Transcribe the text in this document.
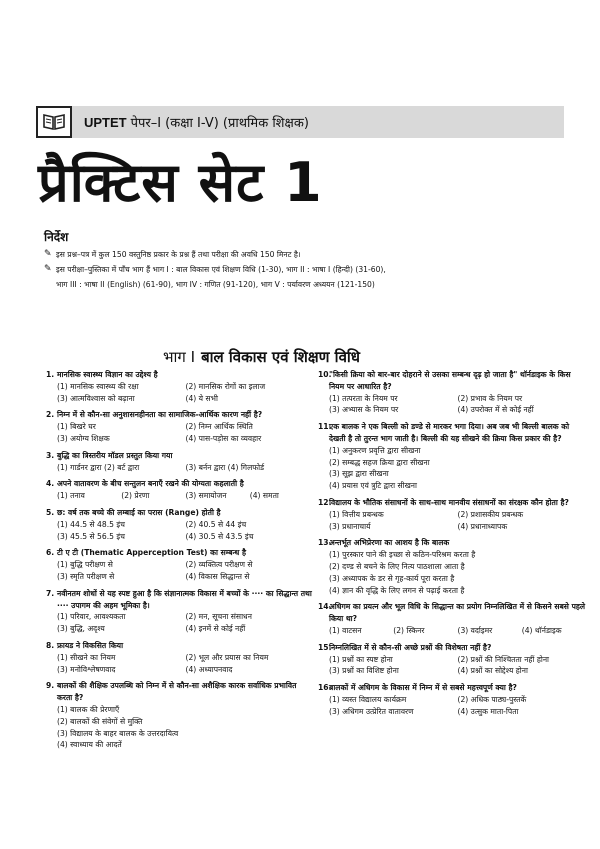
UPTET पेपर–I (कक्षा I-V) (प्राथमिक शिक्षक)
प्रैक्टिस सेट 1
निर्देश
✎ इस प्रश्न–पत्र में कुल 150 वस्तुनिष्ठ प्रकार के प्रश्न हैं तथा परीक्षा की अवधि 150 मिनट है।
✎ इस परीक्षा–पुस्तिका में पाँच भाग हैं भाग I : बाल विकास एवं शिक्षण विधि (1-30), भाग II : भाषा I (हिन्दी) (31-60),
भाग III : भाषा II (English) (61-90), भाग IV : गणित (91-120), भाग V : पर्यावरण अध्ययन (121-150)
भाग I बाल विकास एवं शिक्षण विधि
1. मानसिक स्वास्थ्य विज्ञान का उद्देश्य है
(1) मानसिक स्वास्थ्य की रक्षा	(2) मानसिक रोगों का इलाज
(3) आत्मविश्वास को बढ़ाना	(4) ये सभी
2. निम्न में से कौन-सा अनुशासनहीनता का सामाजिक-आर्थिक कारण नहीं है?
(1) बिखरे घर	(2) निम्न आर्थिक स्थिति
(3) अयोग्य शिक्षक	(4) पास-पड़ोस का व्यवहार
3. बुद्धि का त्रिस्तरीय मॉडल प्रस्तुत किया गया
(1) गार्डनर द्वारा (2) बर्ट द्वारा	(3) बर्नन द्वारा (4) गिलफोर्ड
4. अपने वातावरण के बीच सन्तुलन बनाएँ रखने की योग्यता कहलाती है
(1) तनाव	(2) प्रेरणा	(3) समायोजन	(4) समता
5. छ: वर्ष तक बच्चे की लम्बाई का परास (Range) होती है
(1) 44.5 से 48.5 इंच	(2) 40.5 से 44 इंच
(3) 45.5 से 56.5 इंच	(4) 30.5 से 43.5 इंच
6. टी ए टी (Thematic Apperception Test) का सम्बन्ध है
(1) बुद्धि परीक्षण से	(2) व्यक्तित्व परीक्षण से
(3) स्मृति परीक्षण से	(4) विकास सिद्धान्त से
7. नवीनतम शोधों से यह स्पष्ट हुआ है कि संज्ञानात्मक विकास में बच्चों के ···· का सिद्धान्त तथा ···· उपागम की अहम भूमिका है।
(1) परिवार, आवश्यकता	(2) मन, सूचना संसाधन
(3) बुद्धि, अदृश्य	(4) इनमें से कोई नहीं
8. फ्रायड ने विकसित किया
(1) सीखने का नियम	(2) भूल और प्रयास का नियम
(3) मनोविश्लेषणवाद	(4) अध्यापनवाद
9. बालकों की शैक्षिक उपलब्धि को निम्न में से कौन-सा अशैक्षिक कारक सर्वाधिक प्रभावित करता है?
(1) बालक की प्रेरणाएँ
(2) बालकों की संवेगों से मुक्ति
(3) विद्यालय के बाहर बालक के उत्तरदायित्व
(4) स्वाध्याय की आदतें
10.
"किसी क्रिया को बार-बार दोहराने से उसका सम्बन्ध दृढ़ हो जाता है" थॉर्नडाइक के किस नियम पर आधारित है?
(1) तत्परता के नियम पर	(2) प्रभाव के नियम पर
(3) अभ्यास के नियम पर	(4) उपरोक्त में से कोई नहीं
11.
एक बालक ने एक बिल्ली को डण्डे से मारकर भगा दिया। अब जब भी बिल्ली बालक को देखती है तो तुरन्त भाग जाती है। बिल्ली की यह सीखने की क्रिया किस प्रकार की है?
(1) अनुकरण प्रवृत्ति द्वारा सीखना
(2) सम्बद्ध सहज क्रिया द्वारा सीखना
(3) सूझ द्वारा सीखना
(4) प्रयास एवं त्रुटि द्वारा सीखना
12.
विद्यालय के भौतिक संसाधनों के साथ-साथ मानवीय संसाधनों का संरक्षक कौन होता है?
(1) वित्तीय प्रबन्धक	(2) प्रशासकीय प्रबन्धक
(3) प्रधानाचार्य	(4) प्रधानाध्यापक
13.
अन्तर्भूत अभिप्रेरणा का आशय है कि बालक
(1) पुरस्कार पाने की इच्छा से कठिन-परिश्रम करता है
(2) दण्ड से बचने के लिए नित्य पाठशाला आता है
(3) अध्यापक के डर से गृह-कार्य पूरा करता है
(4) ज्ञान की वृद्धि के लिए लगन से पढ़ाई करता है
14.
अधिगम का प्रयत्न और भूल विधि के सिद्धान्त का प्रयोग निम्नलिखित में से किसने सबसे पहले किया था?
(1) वाटसन	(2) स्किनर	(3) वर्दाइमर	(4) थॉर्नडाइक
15.
निम्नलिखित में से कौन-सी अच्छे प्रश्नों की विशेषता नहीं है?
(1) प्रश्नों का स्पष्ट होना	(2) प्रश्नों की निश्चितता नहीं होना
(3) प्रश्नों का विशिष्ट होना	(4) प्रश्नों का सोद्देश्य होना
16.
बालकों में अधिगम के विकास में निम्न में से सबसे महत्त्वपूर्ण क्या है?
(1) व्यस्त विद्यालय कार्यक्रम	(2) अधिक पाठ्य-पुस्तकें
(3) अधिगम उत्प्रेरित वातावरण	(4) उत्सुक माता-पिता
